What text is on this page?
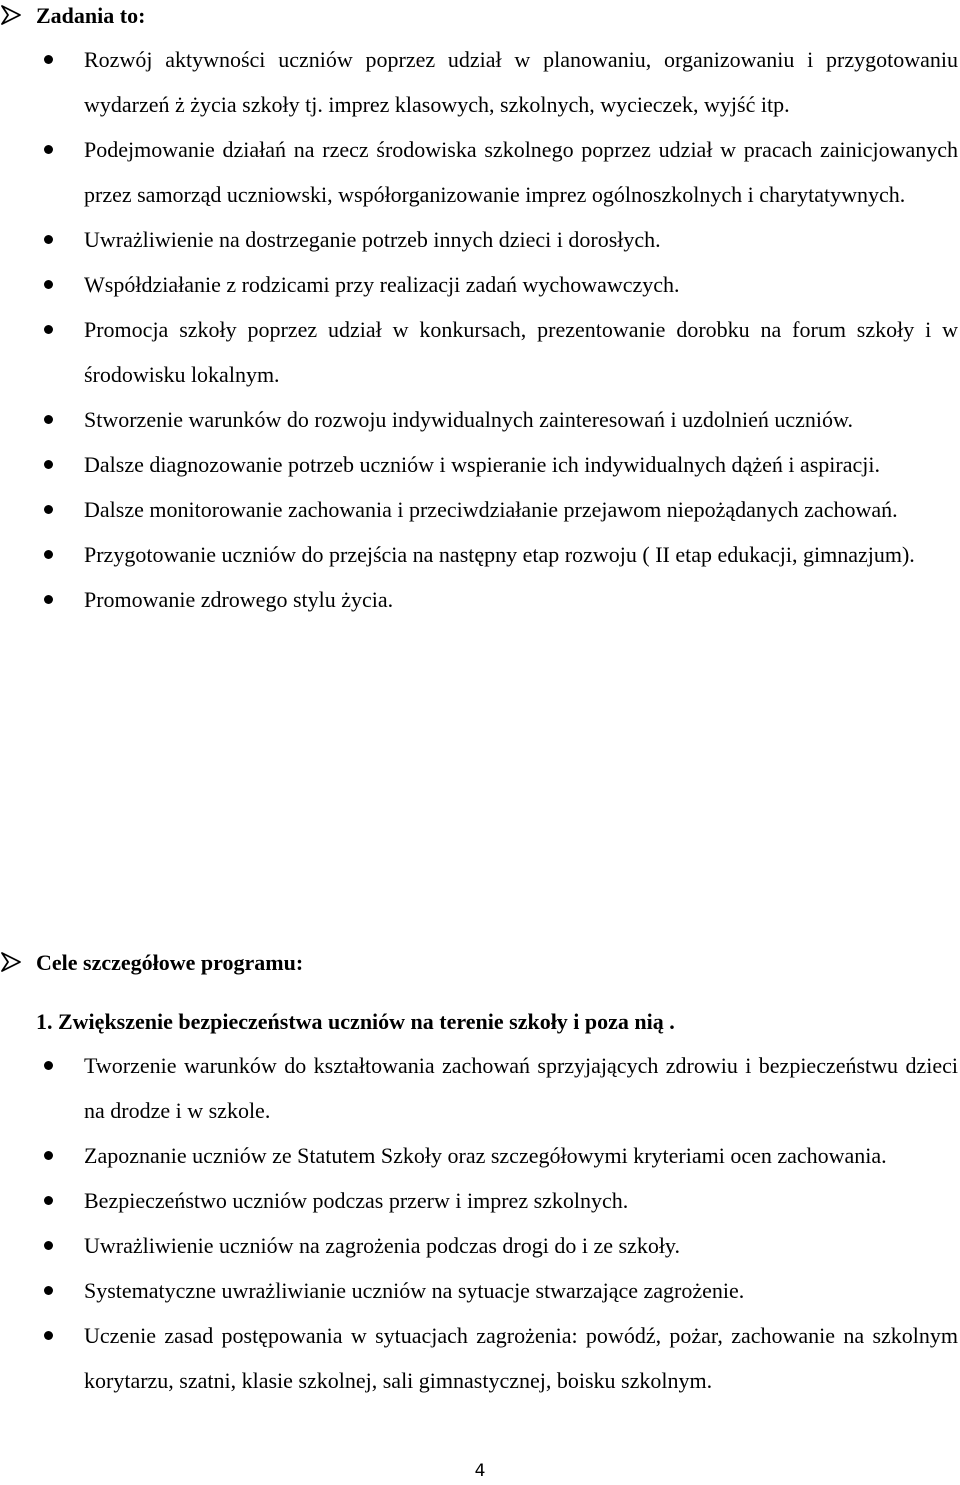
Zadania to:
Rozwój aktywności uczniów poprzez udział w planowaniu, organizowaniu i przygotowaniu wydarzeń ż życia szkoły tj. imprez klasowych, szkolnych, wycieczek, wyjść itp.
Podejmowanie działań na rzecz środowiska szkolnego poprzez udział w pracach zainicjowanych przez samorząd uczniowski, współorganizowanie imprez ogólnoszkolnych i charytatywnych.
Uwrażliwienie na dostrzeganie potrzeb innych dzieci i dorosłych.
Współdziałanie z rodzicami przy realizacji zadań wychowawczych.
Promocja szkoły poprzez udział w konkursach, prezentowanie dorobku na forum szkoły i w środowisku lokalnym.
Stworzenie warunków do rozwoju indywidualnych zainteresowań i uzdolnień uczniów.
Dalsze diagnozowanie potrzeb uczniów i wspieranie ich indywidualnych dążeń i aspiracji.
Dalsze monitorowanie zachowania i przeciwdziałanie przejawom niepożądanych zachowań.
Przygotowanie uczniów do przejścia na następny etap rozwoju ( II etap edukacji, gimnazjum).
Promowanie zdrowego stylu życia.
Cele szczegółowe programu:
1. Zwiększenie bezpieczeństwa uczniów na terenie szkoły i poza nią .
Tworzenie warunków do kształtowania zachowań sprzyjających zdrowiu i bezpieczeństwu dzieci na drodze i w szkole.
Zapoznanie uczniów ze Statutem Szkoły oraz szczegółowymi kryteriami ocen zachowania.
Bezpieczeństwo uczniów podczas przerw i imprez szkolnych.
Uwrażliwienie uczniów na zagrożenia podczas drogi do i ze szkoły.
Systematyczne uwrażliwianie uczniów na sytuacje stwarzające zagrożenie.
Uczenie zasad postępowania w sytuacjach zagrożenia: powódź, pożar, zachowanie na szkolnym korytarzu, szatni, klasie szkolnej, sali gimnastycznej, boisku szkolnym.
4
